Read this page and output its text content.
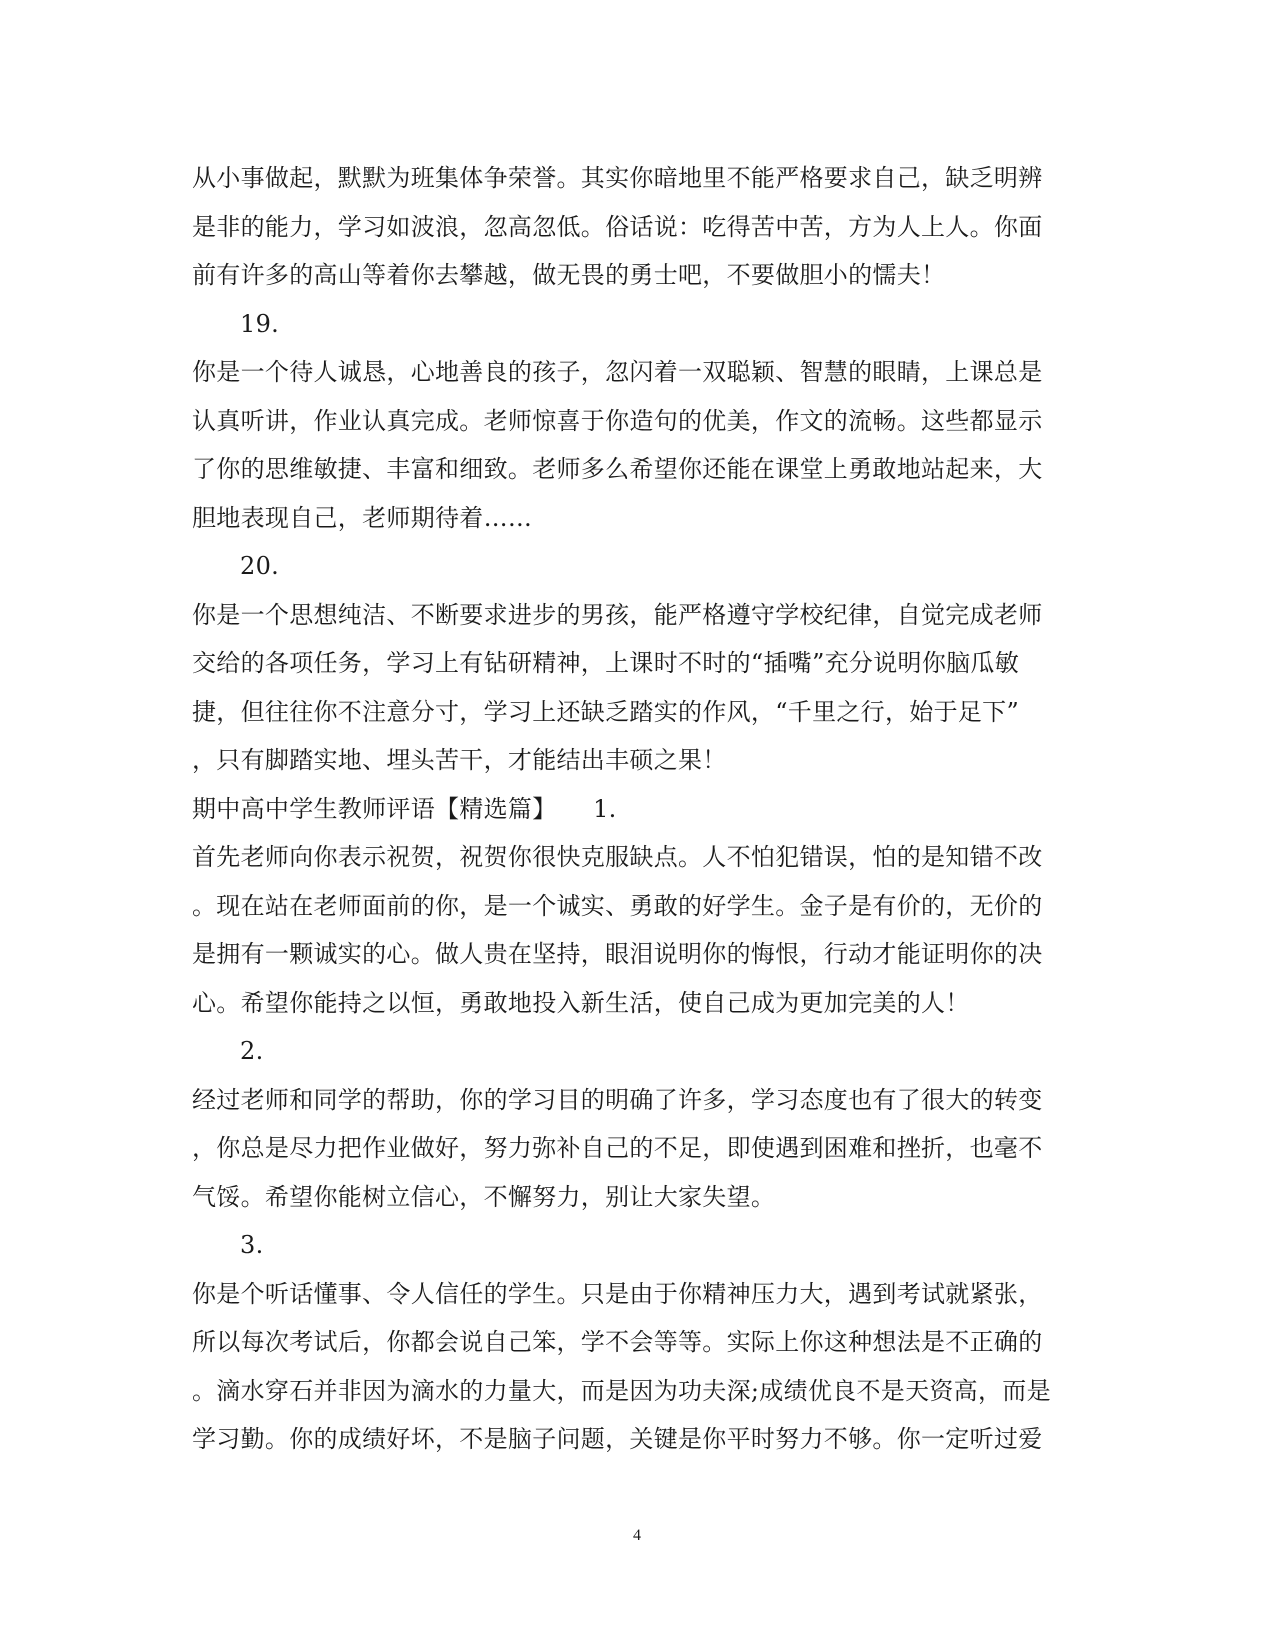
从小事做起，默默为班集体争荣誉。其实你暗地里不能严格要求自己，缺乏明辨
是非的能力，学习如波浪，忽高忽低。俗话说：吃得苦中苦，方为人上人。你面
前有许多的高山等着你去攀越，做无畏的勇士吧，不要做胆小的懦夫！
19.
你是一个待人诚恳，心地善良的孩子，忽闪着一双聪颖、智慧的眼睛，上课总是
认真听讲，作业认真完成。老师惊喜于你造句的优美，作文的流畅。这些都显示
了你的思维敏捷、丰富和细致。老师多么希望你还能在课堂上勇敢地站起来，大
胆地表现自己，老师期待着……
20.
你是一个思想纯洁、不断要求进步的男孩，能严格遵守学校纪律，自觉完成老师
交给的各项任务，学习上有钻研精神，上课时不时的“插嘴”充分说明你脑瓜敏
捷，但往往你不注意分寸，学习上还缺乏踏实的作风，“千里之行，始于足下”
，只有脚踏实地、埋头苦干，才能结出丰硕之果！
期中高中学生教师评语【精选篇】　　1.
首先老师向你表示祝贺，祝贺你很快克服缺点。人不怕犯错误，怕的是知错不改
。现在站在老师面前的你，是一个诚实、勇敢的好学生。金子是有价的，无价的
是拥有一颗诚实的心。做人贵在坚持，眼泪说明你的悔恨，行动才能证明你的决
心。希望你能持之以恒，勇敢地投入新生活，使自己成为更加完美的人！
2.
经过老师和同学的帮助，你的学习目的明确了许多，学习态度也有了很大的转变
，你总是尽力把作业做好，努力弥补自己的不足，即使遇到困难和挫折，也毫不
气馁。希望你能树立信心，不懈努力，别让大家失望。
3.
你是个听话懂事、令人信任的学生。只是由于你精神压力大，遇到考试就紧张，
所以每次考试后，你都会说自己笨，学不会等等。实际上你这种想法是不正确的
。滴水穿石并非因为滴水的力量大，而是因为功夫深;成绩优良不是天资高，而是
学习勤。你的成绩好坏，不是脑子问题，关键是你平时努力不够。你一定听过爱
4
